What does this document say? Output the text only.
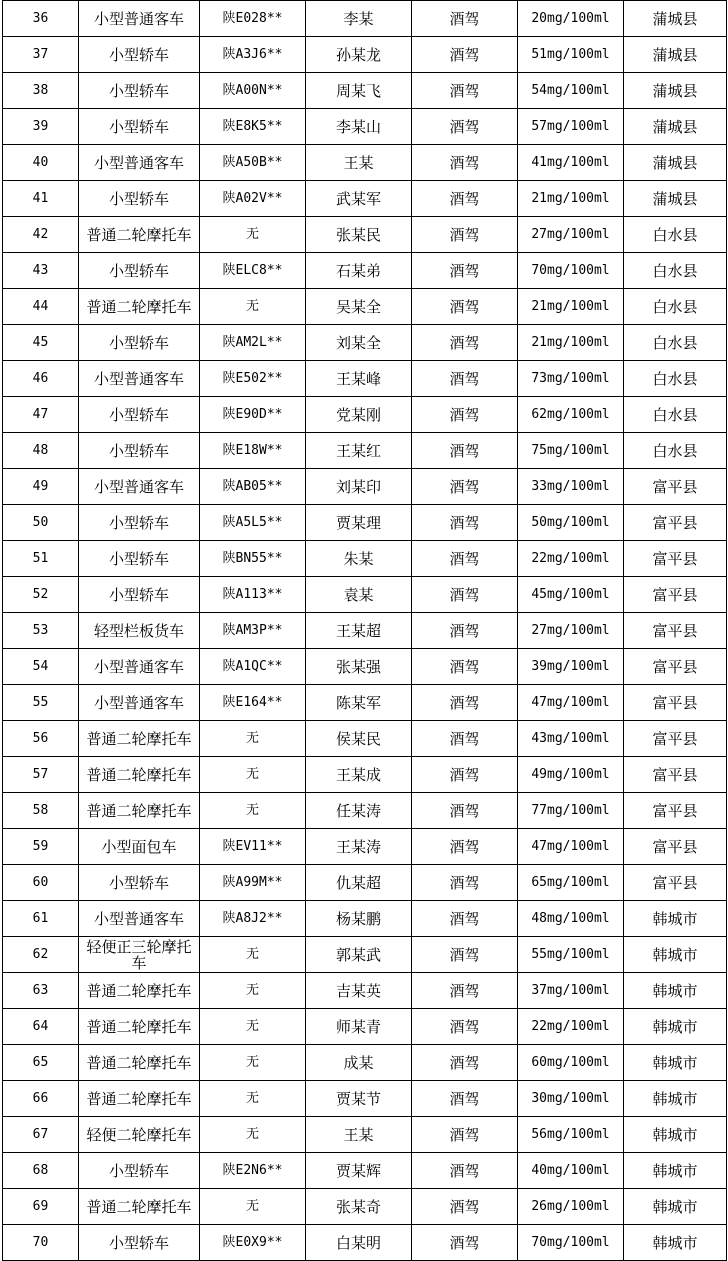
36	小型普通客车	陕E028**	李某	酒驾	20mg/100ml	蒲城县
37	小型轿车	陕A3J6**	孙某龙	酒驾	51mg/100ml	蒲城县
38	小型轿车	陕A00N**	周某飞	酒驾	54mg/100ml	蒲城县
39	小型轿车	陕E8K5**	李某山	酒驾	57mg/100ml	蒲城县
40	小型普通客车	陕A50B**	王某	酒驾	41mg/100ml	蒲城县
41	小型轿车	陕A02V**	武某军	酒驾	21mg/100ml	蒲城县
42	普通二轮摩托车	无	张某民	酒驾	27mg/100ml	白水县
43	小型轿车	陕ELC8**	石某弟	酒驾	70mg/100ml	白水县
44	普通二轮摩托车	无	吴某全	酒驾	21mg/100ml	白水县
45	小型轿车	陕AM2L**	刘某全	酒驾	21mg/100ml	白水县
46	小型普通客车	陕E502**	王某峰	酒驾	73mg/100ml	白水县
47	小型轿车	陕E90D**	党某刚	酒驾	62mg/100ml	白水县
48	小型轿车	陕E18W**	王某红	酒驾	75mg/100ml	白水县
49	小型普通客车	陕AB05**	刘某印	酒驾	33mg/100ml	富平县
50	小型轿车	陕A5L5**	贾某理	酒驾	50mg/100ml	富平县
51	小型轿车	陕BN55**	朱某	酒驾	22mg/100ml	富平县
52	小型轿车	陕A113**	袁某	酒驾	45mg/100ml	富平县
53	轻型栏板货车	陕AM3P**	王某超	酒驾	27mg/100ml	富平县
54	小型普通客车	陕A1QC**	张某强	酒驾	39mg/100ml	富平县
55	小型普通客车	陕E164**	陈某军	酒驾	47mg/100ml	富平县
56	普通二轮摩托车	无	侯某民	酒驾	43mg/100ml	富平县
57	普通二轮摩托车	无	王某成	酒驾	49mg/100ml	富平县
58	普通二轮摩托车	无	任某涛	酒驾	77mg/100ml	富平县
59	小型面包车	陕EV11**	王某涛	酒驾	47mg/100ml	富平县
60	小型轿车	陕A99M**	仇某超	酒驾	65mg/100ml	富平县
61	小型普通客车	陕A8J2**	杨某鹏	酒驾	48mg/100ml	韩城市
62	轻便正三轮摩托车	无	郭某武	酒驾	55mg/100ml	韩城市
63	普通二轮摩托车	无	吉某英	酒驾	37mg/100ml	韩城市
64	普通二轮摩托车	无	师某青	酒驾	22mg/100ml	韩城市
65	普通二轮摩托车	无	成某	酒驾	60mg/100ml	韩城市
66	普通二轮摩托车	无	贾某节	酒驾	30mg/100ml	韩城市
67	轻便二轮摩托车	无	王某	酒驾	56mg/100ml	韩城市
68	小型轿车	陕E2N6**	贾某辉	酒驾	40mg/100ml	韩城市
69	普通二轮摩托车	无	张某奇	酒驾	26mg/100ml	韩城市
70	小型轿车	陕E0X9**	白某明	酒驾	70mg/100ml	韩城市
